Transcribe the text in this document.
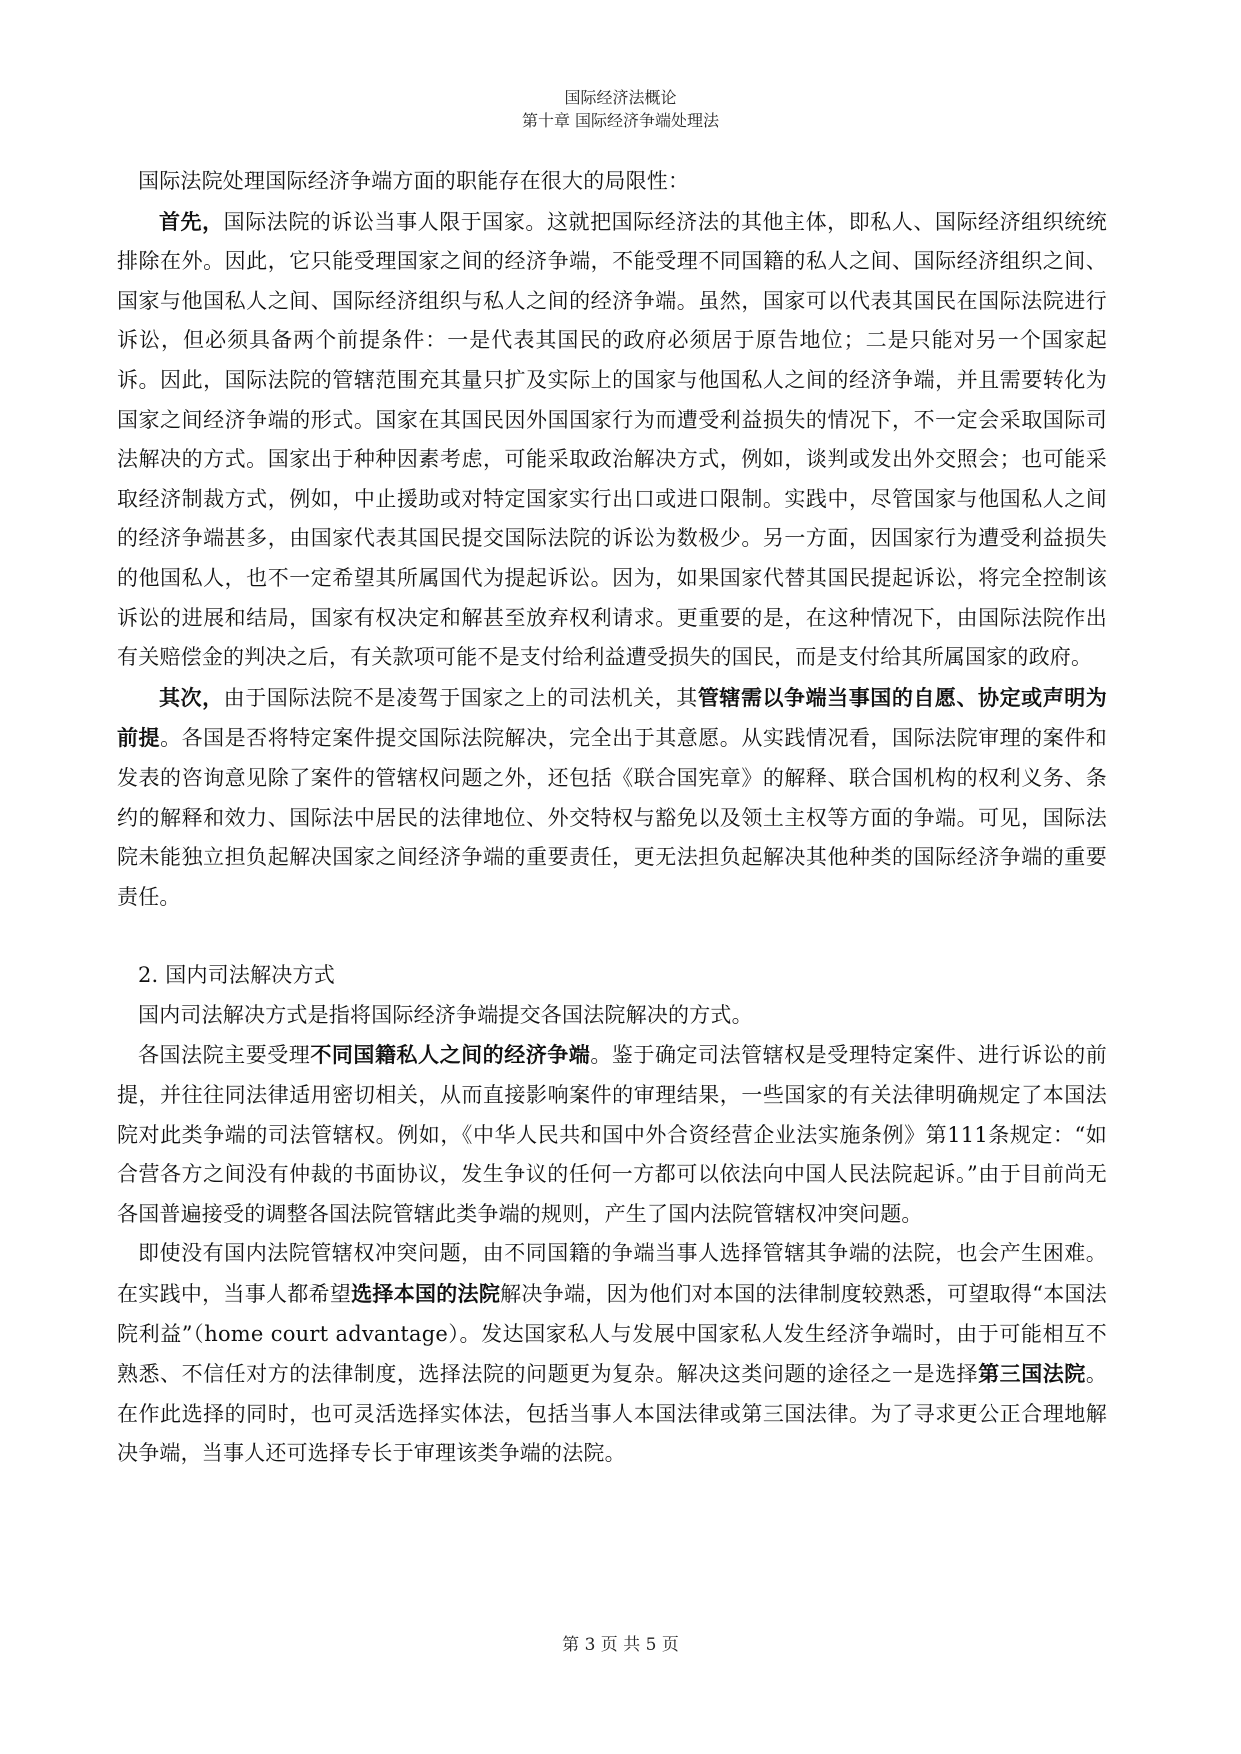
国际经济法概论
第十章 国际经济争端处理法

国际法院处理国际经济争端方面的职能存在很大的局限性：

首先，国际法院的诉讼当事人限于国家。这就把国际经济法的其他主体，即私人、国际经济组织统统排除在外。因此，它只能受理国家之间的经济争端，不能受理不同国籍的私人之间、国际经济组织之间、国家与他国私人之间、国际经济组织与私人之间的经济争端。虽然，国家可以代表其国民在国际法院进行诉讼，但必须具备两个前提条件：一是代表其国民的政府必须居于原告地位；二是只能对另一个国家起诉。因此，国际法院的管辖范围充其量只扩及实际上的国家与他国私人之间的经济争端，并且需要转化为国家之间经济争端的形式。国家在其国民因外国国家行为而遭受利益损失的情况下，不一定会采取国际司法解决的方式。国家出于种种因素考虑，可能采取政治解决方式，例如，谈判或发出外交照会；也可能采取经济制裁方式，例如，中止援助或对特定国家实行出口或进口限制。实践中，尽管国家与他国私人之间的经济争端甚多，由国家代表其国民提交国际法院的诉讼为数极少。另一方面，因国家行为遭受利益损失的他国私人，也不一定希望其所属国代为提起诉讼。因为，如果国家代替其国民提起诉讼，将完全控制该诉讼的进展和结局，国家有权决定和解甚至放弃权利请求。更重要的是，在这种情况下，由国际法院作出有关赔偿金的判决之后，有关款项可能不是支付给利益遭受损失的国民，而是支付给其所属国家的政府。

其次，由于国际法院不是凌驾于国家之上的司法机关，其管辖需以争端当事国的自愿、协定或声明为前提。各国是否将特定案件提交国际法院解决，完全出于其意愿。从实践情况看，国际法院审理的案件和发表的咨询意见除了案件的管辖权问题之外，还包括《联合国宪章》的解释、联合国机构的权利义务、条约的解释和效力、国际法中居民的法律地位、外交特权与豁免以及领土主权等方面的争端。可见，国际法院未能独立担负起解决国家之间经济争端的重要责任，更无法担负起解决其他种类的国际经济争端的重要责任。

2. 国内司法解决方式

国内司法解决方式是指将国际经济争端提交各国法院解决的方式。

各国法院主要受理不同国籍私人之间的经济争端。鉴于确定司法管辖权是受理特定案件、进行诉讼的前提，并往往同法律适用密切相关，从而直接影响案件的审理结果，一些国家的有关法律明确规定了本国法院对此类争端的司法管辖权。例如，《中华人民共和国中外合资经营企业法实施条例》第111条规定：“如合营各方之间没有仲裁的书面协议，发生争议的任何一方都可以依法向中国人民法院起诉。”由于目前尚无各国普遍接受的调整各国法院管辖此类争端的规则，产生了国内法院管辖权冲突问题。

即使没有国内法院管辖权冲突问题，由不同国籍的争端当事人选择管辖其争端的法院，也会产生困难。在实践中，当事人都希望选择本国的法院解决争端，因为他们对本国的法律制度较熟悉，可望取得“本国法院利益”（home court advantage）。发达国家私人与发展中国家私人发生经济争端时，由于可能相互不熟悉、不信任对方的法律制度，选择法院的问题更为复杂。解决这类问题的途径之一是选择第三国法院。在作此选择的同时，也可灵活选择实体法，包括当事人本国法律或第三国法律。为了寻求更公正合理地解决争端，当事人还可选择专长于审理该类争端的法院。

第 3 页 共 5 页
